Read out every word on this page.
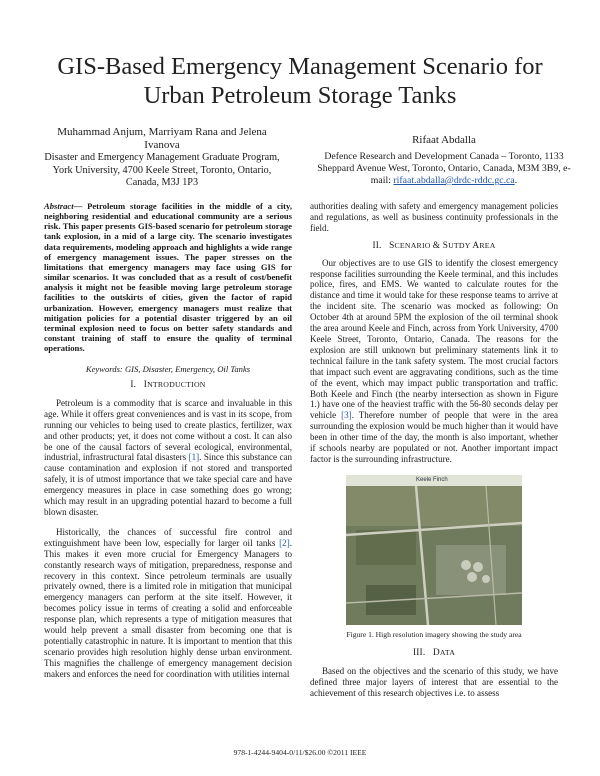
GIS-Based Emergency Management Scenario for Urban Petroleum Storage Tanks
Muhammad Anjum, Marriyam Rana and Jelena Ivanova
Disaster and Emergency Management Graduate Program, York University, 4700 Keele Street, Toronto, Ontario, Canada, M3J 1P3
Rifaat Abdalla
Defence Research and Development Canada – Toronto, 1133 Sheppard Avenue West, Toronto, Ontario, Canada, M3M 3B9, e-mail: rifaat.abdalla@drdc-rddc.gc.ca.
Abstract— Petroleum storage facilities in the middle of a city, neighboring residential and educational community are a serious risk. This paper presents GIS-based scenario for petroleum storage tank explosion, in a mid of a large city. The scenario investigates data requirements, modeling approach and highlights a wide range of emergency management issues. The paper stresses on the limitations that emergency managers may face using GIS for similar scenarios. It was concluded that as a result of cost/benefit analysis it might not be feasible moving large petroleum storage facilities to the outskirts of cities, given the factor of rapid urbanization. However, emergency managers must realize that mitigation policies for a potential disaster triggered by an oil terminal explosion need to focus on better safety standards and constant training of staff to ensure the quality of terminal operations.
Keywords: GIS, Disaster, Emergency, Oil Tanks
I. INTRODUCTION

Petroleum is a commodity that is scarce and invaluable in this age. While it offers great conveniences and is vast in its scope, from running our vehicles to being used to create plastics, fertilizer, wax and other products; yet, it does not come without a cost. It can also be one of the causal factors of several ecological, environmental, industrial, infrastructural fatal disasters [1]. Since this substance can cause contamination and explosion if not stored and transported safely, it is of utmost importance that we take special care and have emergency measures in place in case something does go wrong; which may result in an upgrading potential hazard to become a full blown disaster.

Historically, the chances of successful fire control and extinguishment have been low, especially for larger oil tanks [2]. This makes it even more crucial for Emergency Managers to constantly research ways of mitigation, preparedness, response and recovery in this context. Since petroleum terminals are usually privately owned, there is a limited role in mitigation that municipal emergency managers can perform at the site itself. However, it becomes policy issue in terms of creating a solid and enforceable response plan, which represents a type of mitigation measures that would help prevent a small disaster from becoming one that is potentially catastrophic in nature. It is important to mention that this scenario provides high resolution highly dense urban environment. This magnifies the challenge of emergency management decision makers and enforces the need for coordination with utilities internal

authorities dealing with safety and emergency management policies and regulations, as well as business continuity professionals in the field.

II. SCENARIO & SUTDY AREA

Our objectives are to use GIS to identify the closest emergency response facilities surrounding the Keele terminal, and this includes police, fires, and EMS. We wanted to calculate routes for the distance and time it would take for these response teams to arrive at the incident site. The scenario was mocked as following: On October 4th at around 5PM the explosion of the oil terminal shook the area around Keele and Finch, across from York University, 4700 Keele Street, Toronto, Ontario, Canada. The reasons for the explosion are still unknown but preliminary statements link it to technical failure in the tank safety system. The most crucial factors that impact such event are aggravating conditions, such as the time of the event, which may impact public transportation and traffic. Both Keele and Finch (the nearby intersection as shown in Figure 1.) have one of the heaviest traffic with the 56-80 seconds delay per vehicle [3]. Therefore number of people that were in the area surrounding the explosion would be much higher than it would have been in other time of the day, the month is also important, whether if schools nearby are populated or not. Another important impact factor is the surrounding infrastructure.

Keele Finch
Figure 1. High resolution imagery showing the study area
III. DATA

Based on the objectives and the scenario of this study, we have defined three major layers of interest that are essential to the achievement of this research objectives i.e. to assess

978-1-4244-9404-0/11/$26.00 ©2011 IEEE
